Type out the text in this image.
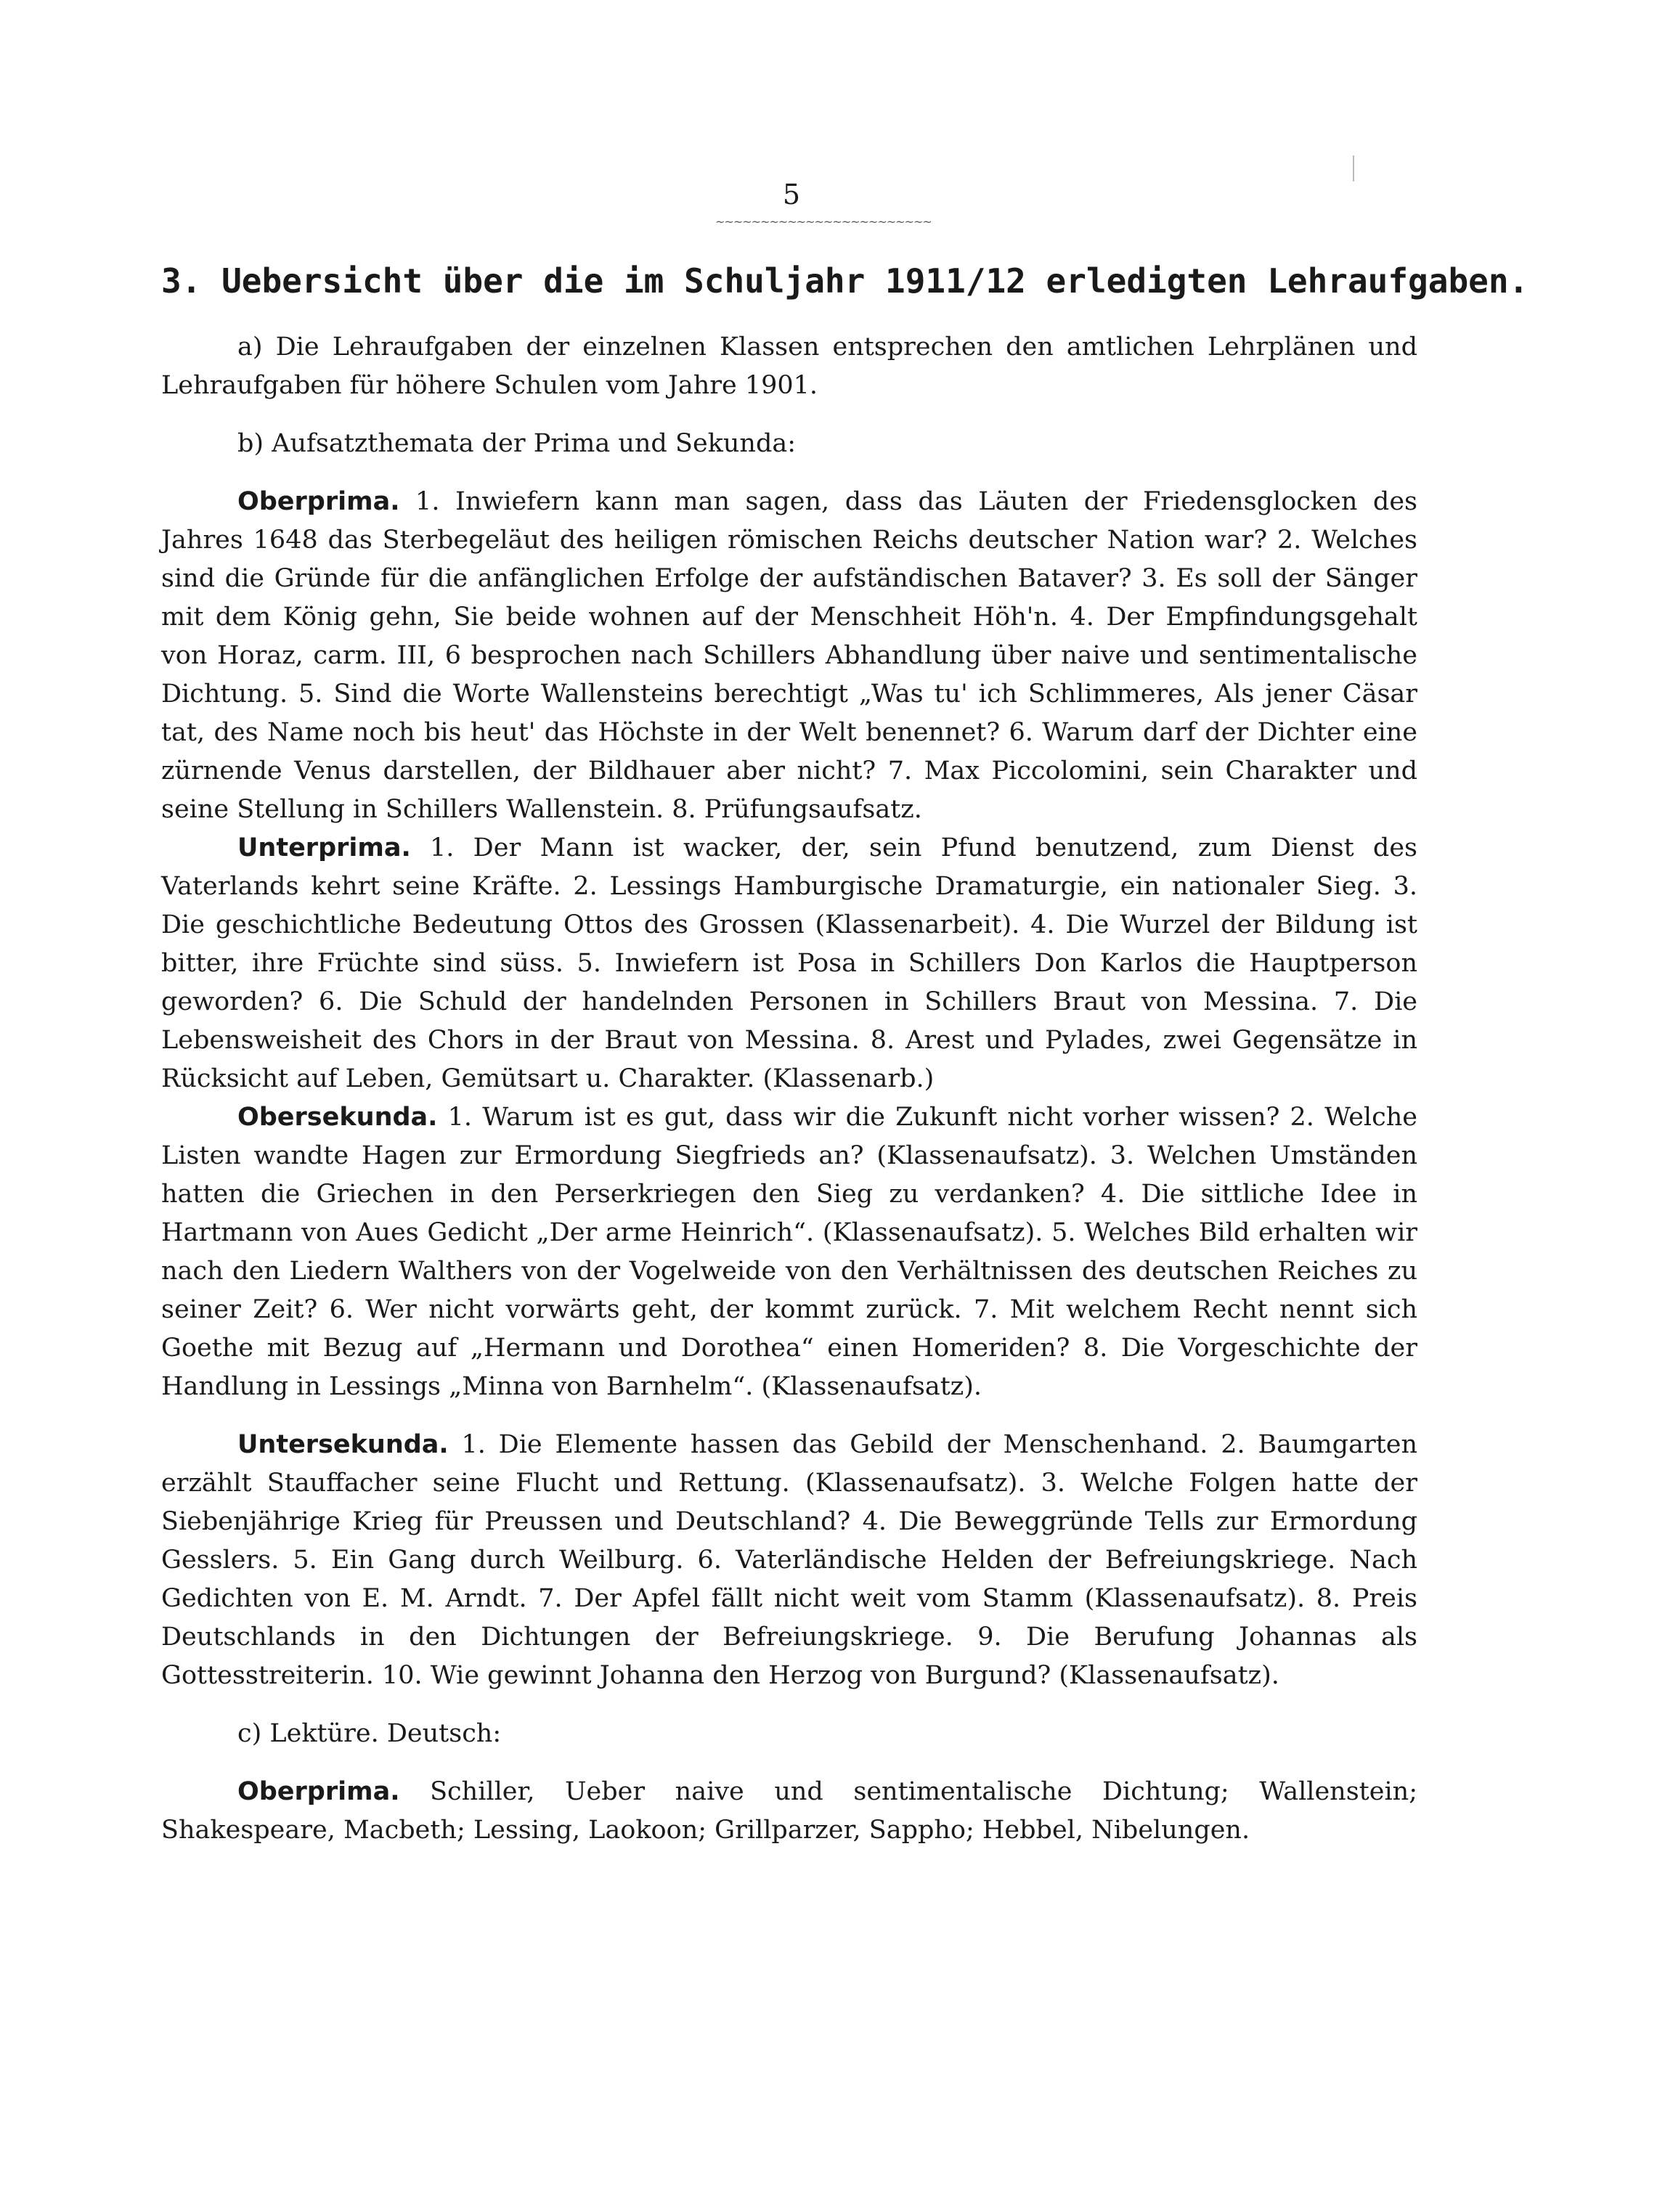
5
~~~~~~~~~~~~~~~~~~~~~~~~
3. Uebersicht über die im Schuljahr 1911/12 erledigten Lehraufgaben.

a) Die Lehraufgaben der einzelnen Klassen entsprechen den amtlichen Lehrplänen und Lehraufgaben für höhere Schulen vom Jahre 1901.

b) Aufsatzthemata der Prima und Sekunda:

Oberprima. 1. Inwiefern kann man sagen, dass das Läuten der Friedensglocken des Jahres 1648 das Sterbegeläut des heiligen römischen Reichs deutscher Nation war? 2. Welches sind die Gründe für die anfänglichen Erfolge der aufständischen Bataver? 3. Es soll der Sänger mit dem König gehn, Sie beide wohnen auf der Menschheit Höh'n. 4. Der Empfindungsgehalt von Horaz, carm. III, 6 besprochen nach Schillers Abhandlung über naive und sentimentalische Dichtung. 5. Sind die Worte Wallensteins berechtigt „Was tu' ich Schlimmeres, Als jener Cäsar tat, des Name noch bis heut' das Höchste in der Welt benennet? 6. Warum darf der Dichter eine zürnende Venus darstellen, der Bildhauer aber nicht? 7. Max Piccolomini, sein Charakter und seine Stellung in Schillers Wallenstein. 8. Prüfungsaufsatz.

Unterprima. 1. Der Mann ist wacker, der, sein Pfund benutzend, zum Dienst des Vaterlands kehrt seine Kräfte. 2. Lessings Hamburgische Dramaturgie, ein nationaler Sieg. 3. Die geschichtliche Bedeutung Ottos des Grossen (Klassenarbeit). 4. Die Wurzel der Bildung ist bitter, ihre Früchte sind süss. 5. Inwiefern ist Posa in Schillers Don Karlos die Hauptperson geworden? 6. Die Schuld der handelnden Personen in Schillers Braut von Messina. 7. Die Lebensweisheit des Chors in der Braut von Messina. 8. Arest und Pylades, zwei Gegensätze in Rücksicht auf Leben, Gemütsart u. Charakter. (Klassenarb.)

Obersekunda. 1. Warum ist es gut, dass wir die Zukunft nicht vorher wissen? 2. Welche Listen wandte Hagen zur Ermordung Siegfrieds an? (Klassenaufsatz). 3. Welchen Umständen hatten die Griechen in den Perserkriegen den Sieg zu verdanken? 4. Die sittliche Idee in Hartmann von Aues Gedicht „Der arme Heinrich“. (Klassenaufsatz). 5. Welches Bild erhalten wir nach den Liedern Walthers von der Vogelweide von den Verhältnissen des deutschen Reiches zu seiner Zeit? 6. Wer nicht vorwärts geht, der kommt zurück. 7. Mit welchem Recht nennt sich Goethe mit Bezug auf „Hermann und Dorothea“ einen Homeriden? 8. Die Vorgeschichte der Handlung in Lessings „Minna von Barnhelm“. (Klassenaufsatz).

Untersekunda. 1. Die Elemente hassen das Gebild der Menschenhand. 2. Baumgarten erzählt Stauffacher seine Flucht und Rettung. (Klassenaufsatz). 3. Welche Folgen hatte der Siebenjährige Krieg für Preussen und Deutschland? 4. Die Beweggründe Tells zur Ermordung Gesslers. 5. Ein Gang durch Weilburg. 6. Vaterländische Helden der Befreiungskriege. Nach Gedichten von E. M. Arndt. 7. Der Apfel fällt nicht weit vom Stamm (Klassenaufsatz). 8. Preis Deutschlands in den Dichtungen der Befreiungskriege. 9. Die Berufung Johannas als Gottesstreiterin. 10. Wie gewinnt Johanna den Herzog von Burgund? (Klassenaufsatz).

c) Lektüre. Deutsch:

Oberprima. Schiller, Ueber naive und sentimentalische Dichtung; Wallenstein; Shakespeare, Macbeth; Lessing, Laokoon; Grillparzer, Sappho; Hebbel, Nibelungen.
